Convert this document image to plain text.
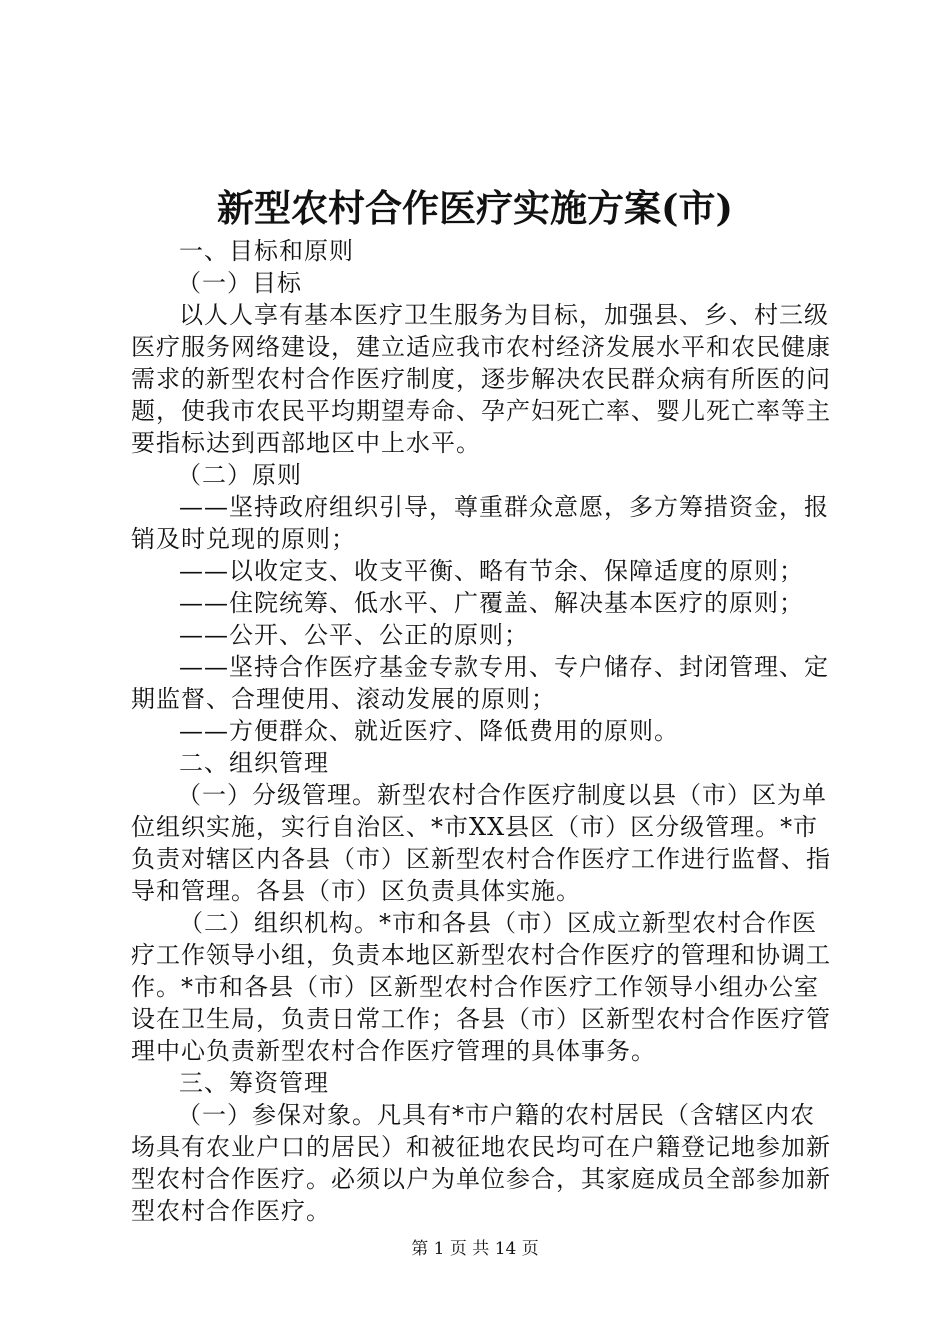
新型农村合作医疗实施方案(市)

一、目标和原则

（一）目标

以人人享有基本医疗卫生服务为目标，加强县、乡、村三级医疗服务网络建设，建立适应我市农村经济发展水平和农民健康需求的新型农村合作医疗制度，逐步解决农民群众病有所医的问题，使我市农民平均期望寿命、孕产妇死亡率、婴儿死亡率等主要指标达到西部地区中上水平。

（二）原则

——坚持政府组织引导，尊重群众意愿，多方筹措资金，报销及时兑现的原则；

——以收定支、收支平衡、略有节余、保障适度的原则；

——住院统筹、低水平、广覆盖、解决基本医疗的原则；

——公开、公平、公正的原则；

——坚持合作医疗基金专款专用、专户储存、封闭管理、定期监督、合理使用、滚动发展的原则；

——方便群众、就近医疗、降低费用的原则。

二、组织管理

（一）分级管理。新型农村合作医疗制度以县（市）区为单位组织实施，实行自治区、*市XX县区（市）区分级管理。*市负责对辖区内各县（市）区新型农村合作医疗工作进行监督、指导和管理。各县（市）区负责具体实施。

（二）组织机构。*市和各县（市）区成立新型农村合作医疗工作领导小组，负责本地区新型农村合作医疗的管理和协调工作。*市和各县（市）区新型农村合作医疗工作领导小组办公室设在卫生局，负责日常工作；各县（市）区新型农村合作医疗管理中心负责新型农村合作医疗管理的具体事务。

三、筹资管理

（一）参保对象。凡具有*市户籍的农村居民（含辖区内农场具有农业户口的居民）和被征地农民均可在户籍登记地参加新型农村合作医疗。必须以户为单位参合，其家庭成员全部参加新型农村合作医疗。

第 1 页 共 14 页
